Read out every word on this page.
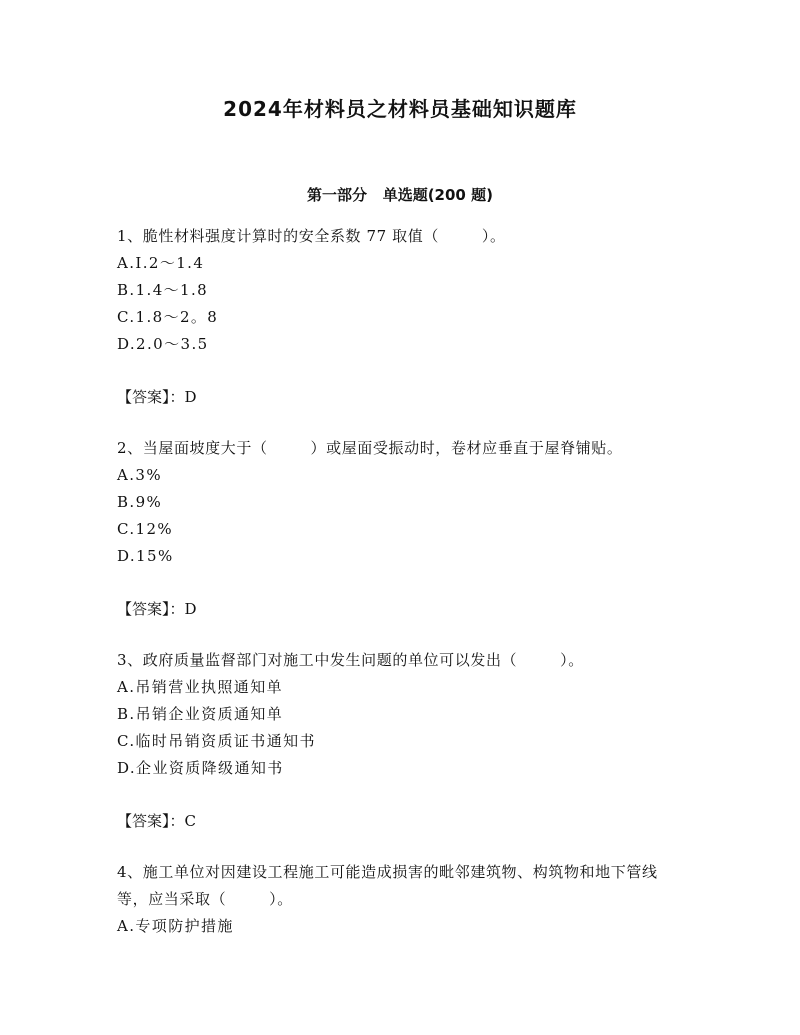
2024年材料员之材料员基础知识题库
第一部分   单选题(200 题)
1、脆性材料强度计算时的安全系数 77 取值（        ）。
A.I.2～1.4
B.1.4～1.8
C.1.8～2。8
D.2.0～3.5
【答案】：D
2、当屋面坡度大于（        ）或屋面受振动时，卷材应垂直于屋脊铺贴。
A.3%
B.9%
C.12%
D.15%
【答案】：D
3、政府质量监督部门对施工中发生问题的单位可以发出（        ）。
A.吊销营业执照通知单
B.吊销企业资质通知单
C.临时吊销资质证书通知书
D.企业资质降级通知书
【答案】：C
4、施工单位对因建设工程施工可能造成损害的毗邻建筑物、构筑物和地下管线等，应当采取（        ）。
A.专项防护措施
